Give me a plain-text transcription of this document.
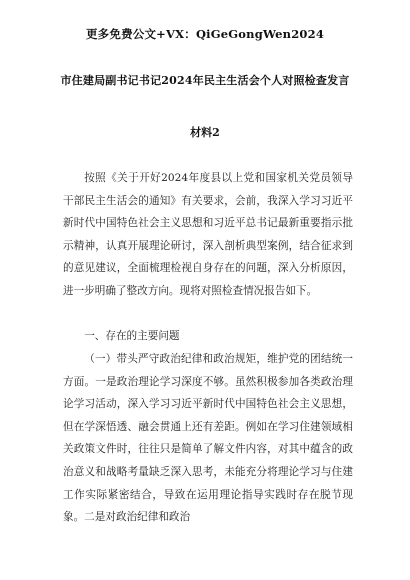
更多免费公文+VX：QiGeGongWen2024
市住建局副书记书记2024年民主生活会个人对照检查发言
材料2

按照《关于开好2024年度县以上党和国家机关党员领导干部民主生活会的通知》有关要求，会前，我深入学习习近平新时代中国特色社会主义思想和习近平总书记最新重要指示批示精神，认真开展理论研讨，深入剖析典型案例，结合征求到的意见建议，全面梳理检视自身存在的问题，深入分析原因，进一步明确了整改方向。现将对照检查情况报告如下。

一、存在的主要问题

（一）带头严守政治纪律和政治规矩，维护党的团结统一方面。一是政治理论学习深度不够。虽然积极参加各类政治理论学习活动，深入学习习近平新时代中国特色社会主义思想，但在学深悟透、融会贯通上还有差距。例如在学习住建领域相关政策文件时，往往只是简单了解文件内容，对其中蕴含的政治意义和战略考量缺乏深入思考，未能充分将理论学习与住建工作实际紧密结合，导致在运用理论指导实践时存在脱节现象。二是对政治纪律和政治
